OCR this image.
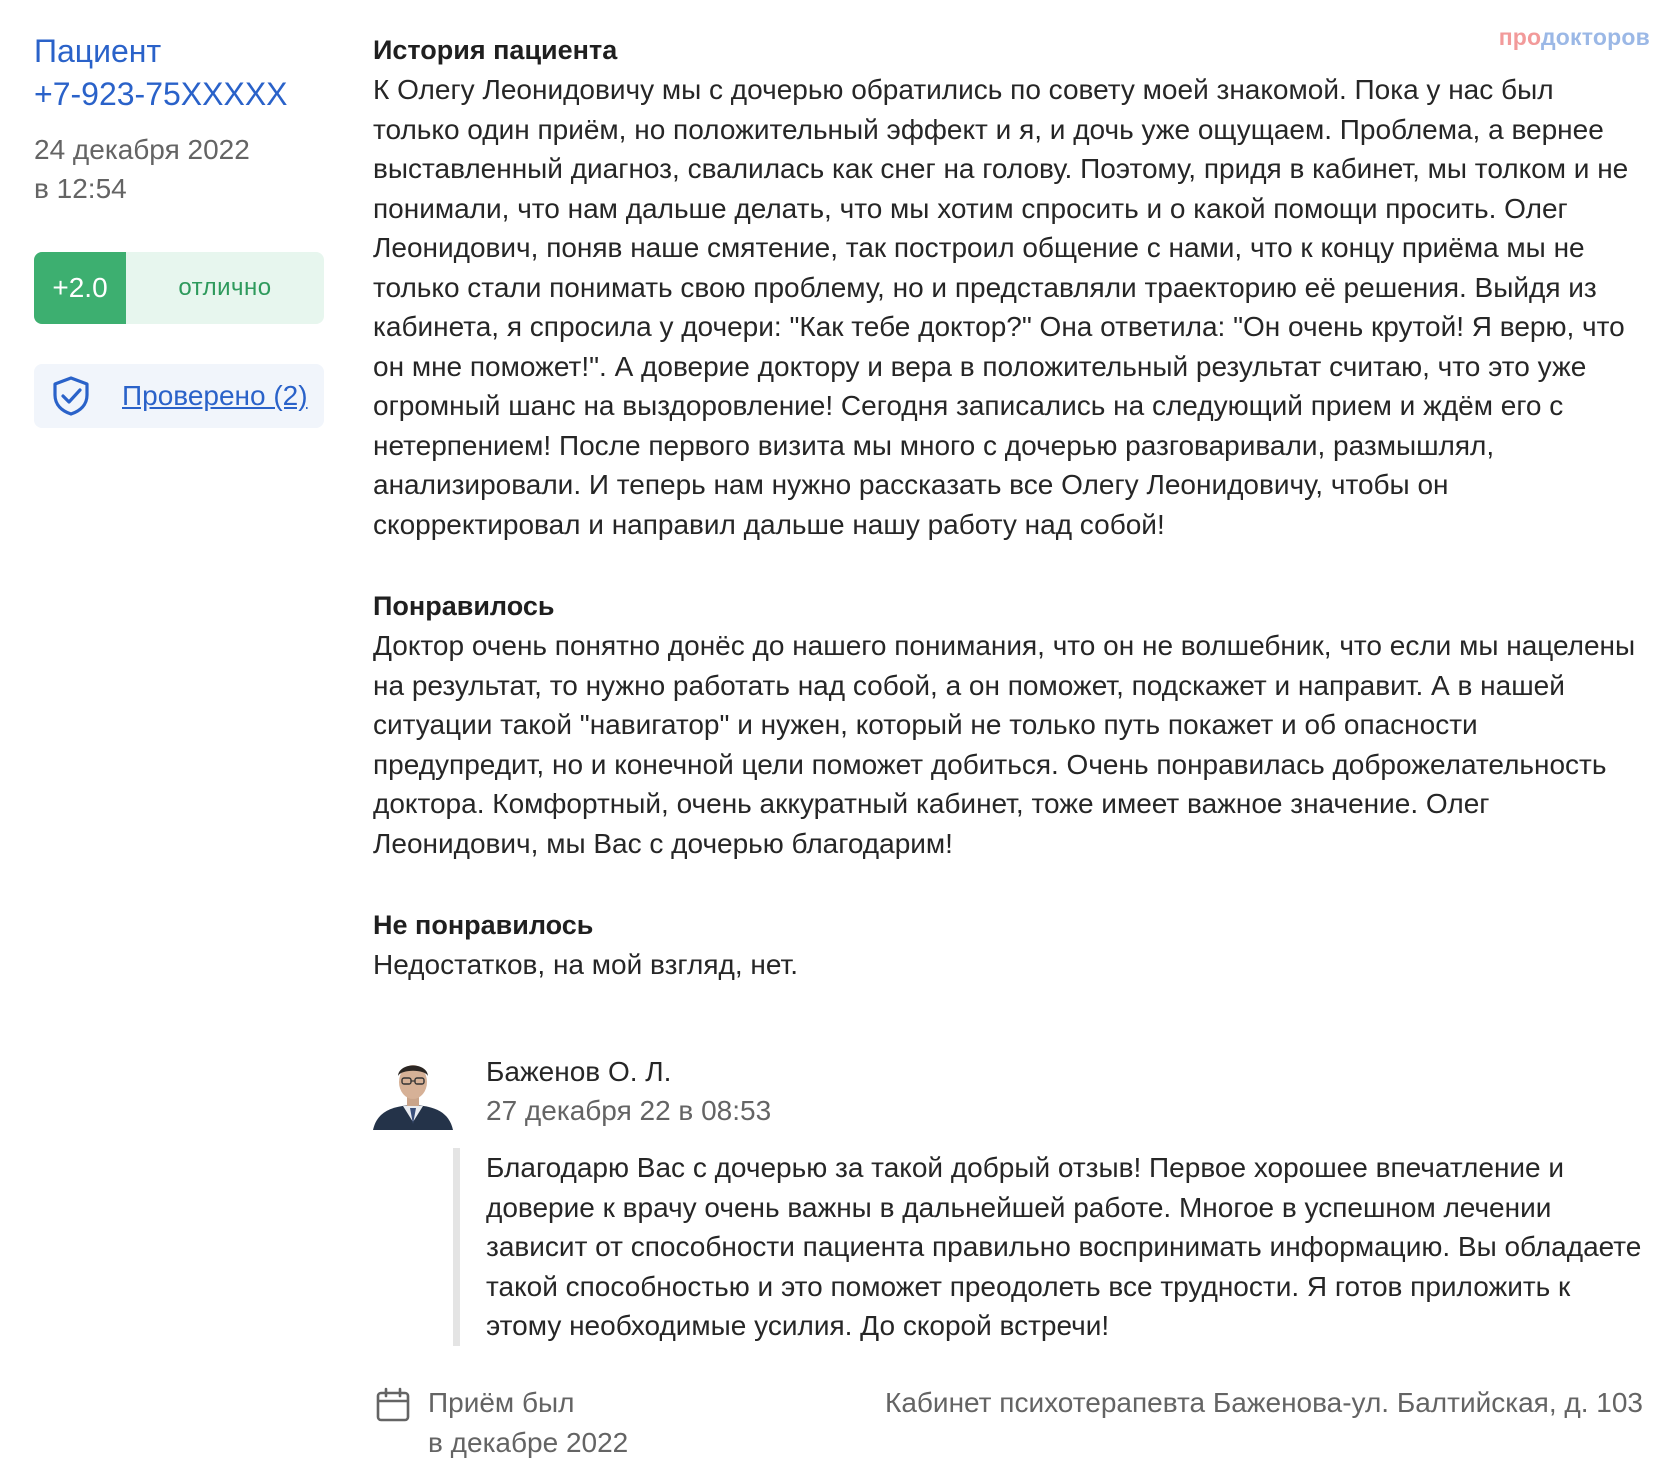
продокторов
Пациент
+7-923-75XXXXX
24 декабря 2022
в 12:54
+2.0	отлично
Проверено (2)
История пациента

К Олегу Леонидовичу мы с дочерью обратились по совету моей знакомой. Пока у нас был только один приём, но положительный эффект и я, и дочь уже ощущаем. Проблема, а вернее выставленный диагноз, свалилась как снег на голову. Поэтому, придя в кабинет, мы толком и не понимали, что нам дальше делать, что мы хотим спросить и о какой помощи просить. Олег Леонидович, поняв наше смятение, так построил общение с нами, что к концу приёма мы не только стали понимать свою проблему, но и представляли траекторию её решения. Выйдя из кабинета, я спросила у дочери: "Как тебе доктор?" Она ответила: "Он очень крутой! Я верю, что он мне поможет!". А доверие доктору и вера в положительный результат считаю, что это уже огромный шанс на выздоровление! Сегодня записались на следующий прием и ждём его с нетерпением! После первого визита мы много с дочерью разговаривали, размышлял, анализировали. И теперь нам нужно рассказать все Олегу Леонидовичу, чтобы он скорректировал и направил дальше нашу работу над собой!

Понравилось

Доктор очень понятно донёс до нашего понимания, что он не волшебник, что если мы нацелены на результат, то нужно работать над собой, а он поможет, подскажет и направит. А в нашей ситуации такой "навигатор" и нужен, который не только путь покажет и об опасности предупредит, но и конечной цели поможет добиться. Очень понравилась доброжелательность доктора. Комфортный, очень аккуратный кабинет, тоже имеет важное значение. Олег Леонидович, мы Вас с дочерью благодарим!

Не понравилось

Недостатков, на мой взгляд, нет.

Баженов О. Л.
27 декабря 22 в 08:53
Благодарю Вас с дочерью за такой добрый отзыв! Первое хорошее впечатление и доверие к врачу очень важны в дальнейшей работе. Многое в успешном лечении зависит от способности пациента правильно воспринимать информацию. Вы обладаете такой способностью и это поможет преодолеть все трудности. Я готов приложить к этому необходимые усилия. До скорой встречи!
Приём был
в декабре 2022
Кабинет психотерапевта Баженова-ул. Балтийская, д. 103
